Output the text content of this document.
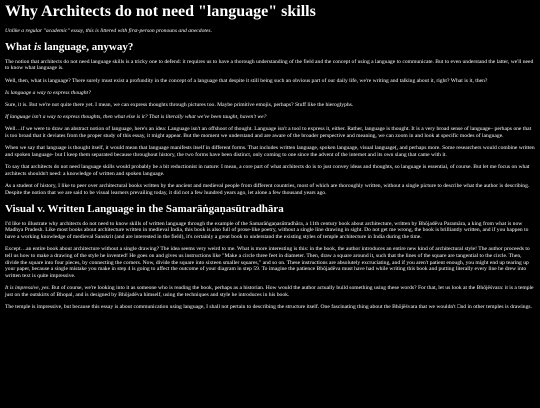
Why Architects do not need "language" skills

Unlike a regular "academic" essay, this is littered with first-person pronouns and anecdotes.

What is language, anyway?

The notion that architects do not need language skills is a tricky one to defend: it requires us to have a thorough understanding of the field and the concept of using a language to communicate. But to even understand the latter, we'll need to know what language is.

Well, then, what is language? There surely must exist a profundity in the concept of a language that despite it still being such an obvious part of our daily life, we're writing and talking about it, right? What is it, then?

Is language a way to express thought?

Sure, it is. But we're not quite there yet. I mean, we can express thoughts through pictures too. Maybe primitive emojis, perhaps? Stuff like the hieroglyphs.

If language isn't a way to express thoughts, then what else is it? That is literally what we've been taught, haven't we?

Well…if we were to draw an abstract notion of language, here's an idea: Language isn't an offshoot of thought. Language isn't a tool to express it, either. Rather, language is thought. It is a very broad sense of language– perhaps one that is too broad that it deviates from the proper study of this essay, it might appear. But the moment we understand and are aware of the broader perspective and meaning, we can zoom in and look at specific modes of language.

When we say that language is thought itself, it would mean that language manifests itself in different forms. That includes written language, spoken language, visual language(, and perhaps more. Some researchers would combine written and spoken language- but I keep them separated because throughout history, the two forms have been distinct, only coming to one since the advent of the internet and its own slang that came with it.

To say that architects do not need language skills would probably be a bit reductionist in nature: I mean, a core part of what architects do is to just convey ideas and thoughts, so language is essential, of course. But let me focus on what architects shouldn't need: a knowledge of written and spoken language.

As a student of history, I like to peer over architectural books written by the ancient and medieval people from different countries, most of which are thoroughly written, without a single picture to describe what the author is describing. Despite the notion that we are said to be visual learners prevailing today, it did not a few hundred years ago, let alone a few thousand years ago.

Visual v. Written Language in the Samarāṅgaṇasūtradhāra

I'd like to illustrate why architects do not need to know skills of written language through the example of the Samarāṅgaṇasūtradhāra, a 11th century book about architecture, written by Bhōjadēva Paramāra, a king from what is now Madhya Pradesh. Like most books about architecture written in medieval India, this book is also full of prose-like poetry, without a single line drawing in sight. Do not get me wrong, the book is brilliantly written, and if you happen to have a working knowledge of medieval Sanskrit (and are interested in the field), it's certainly a great book to understand the existing styles of temple architecture in India during the time.

Except…an entire book about architecture without a single drawing? The idea seems very weird to me. What is more interesting is this: in the book, the author introduces an entire new kind of architectural style! The author proceeds to tell us how to make a drawing of the style he invented! He goes on and gives us instructions like "Make a circle three feet in diameter. Then, draw a square around it, such that the lines of the square are tangential to the circle. Then, divide the square into four pieces, by connecting the corners. Now, divide the square into sixteen smaller squares," and so on. These instructions are absolutely excruciating, and if you aren't patient enough, you might end up tearing up your paper, because a single mistake you make in step 4 is going to affect the outcome of your diagram in step 59. To imagine the patience Bhōjadēva must have had while writing this book and putting literally every line he drew into written text is quite impressive.

It is impressive, yes. But of course, we're looking into it as someone who is reading the book, perhaps as a historian. How would the author actually build something using these words? For that, let us look at the Bhōjēśvara: it is a temple just on the outskirts of Bhopal, and is designed by Bhōjadēva himself, using the techniques and style he introduces in his book.

The temple is impressive, but because this essay is about communication using language, I shall not pertain to describing the structure itself. One fascinating thing about the Bhōjēśvara that we wouldn't □nd in other temples is drawings.
